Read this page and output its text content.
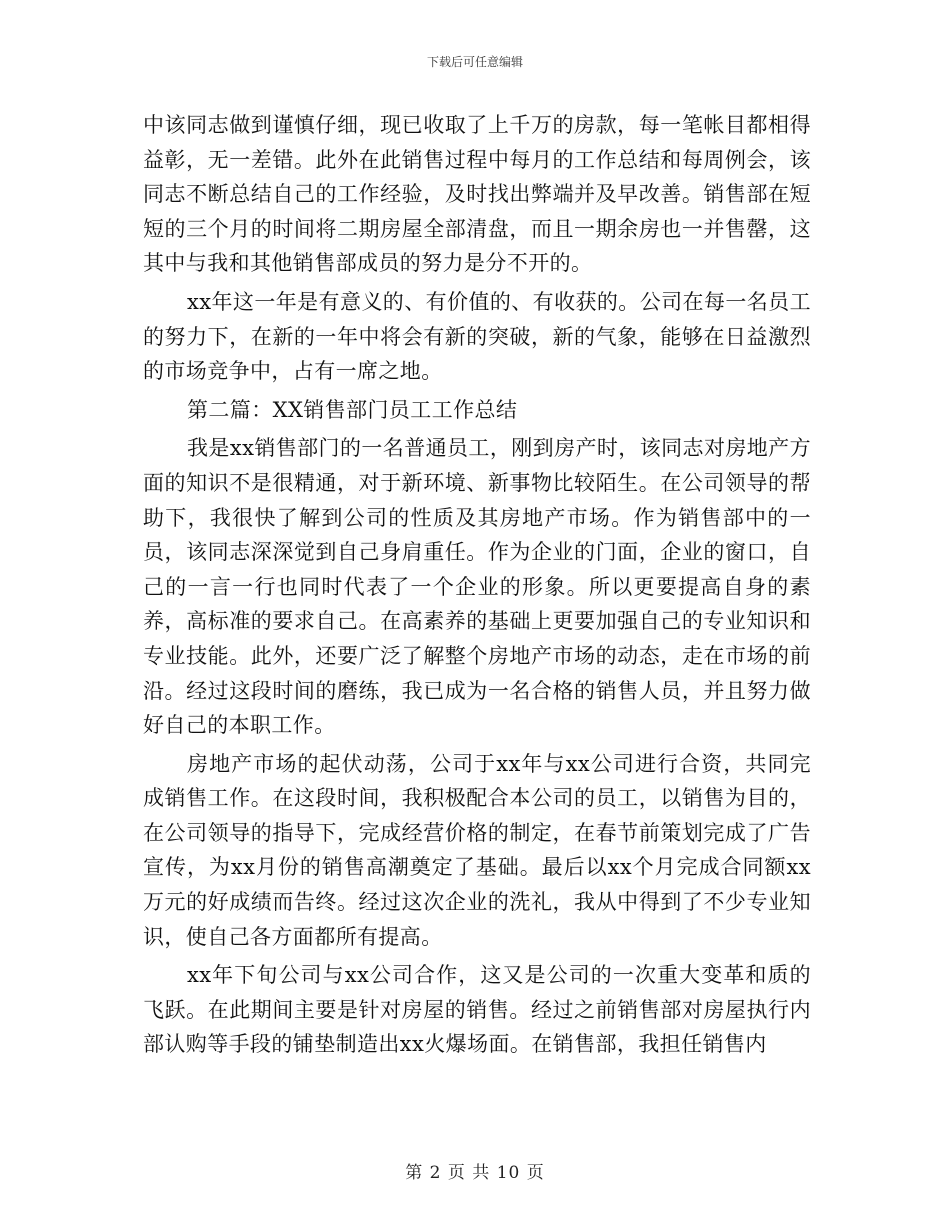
下载后可任意编辑

中该同志做到谨慎仔细，现已收取了上千万的房款，每一笔帐目都相得益彰，无一差错。此外在此销售过程中每月的工作总结和每周例会，该同志不断总结自己的工作经验，及时找出弊端并及早改善。销售部在短短的三个月的时间将二期房屋全部清盘，而且一期余房也一并售罄，这其中与我和其他销售部成员的努力是分不开的。

xx年这一年是有意义的、有价值的、有收获的。公司在每一名员工的努力下，在新的一年中将会有新的突破，新的气象，能够在日益激烈的市场竞争中，占有一席之地。

第二篇：XX销售部门员工工作总结

我是xx销售部门的一名普通员工，刚到房产时，该同志对房地产方面的知识不是很精通，对于新环境、新事物比较陌生。在公司领导的帮助下，我很快了解到公司的性质及其房地产市场。作为销售部中的一员，该同志深深觉到自己身肩重任。作为企业的门面，企业的窗口，自己的一言一行也同时代表了一个企业的形象。所以更要提高自身的素养，高标准的要求自己。在高素养的基础上更要加强自己的专业知识和专业技能。此外，还要广泛了解整个房地产市场的动态，走在市场的前沿。经过这段时间的磨练，我已成为一名合格的销售人员，并且努力做好自己的本职工作。

房地产市场的起伏动荡，公司于xx年与xx公司进行合资，共同完成销售工作。在这段时间，我积极配合本公司的员工，以销售为目的，在公司领导的指导下，完成经营价格的制定，在春节前策划完成了广告宣传，为xx月份的销售高潮奠定了基础。最后以xx个月完成合同额xx万元的好成绩而告终。经过这次企业的洗礼，我从中得到了不少专业知识，使自己各方面都所有提高。

xx年下旬公司与xx公司合作，这又是公司的一次重大变革和质的飞跃。在此期间主要是针对房屋的销售。经过之前销售部对房屋执行内部认购等手段的铺垫制造出xx火爆场面。在销售部，我担任销售内

第 2 页 共 10 页
